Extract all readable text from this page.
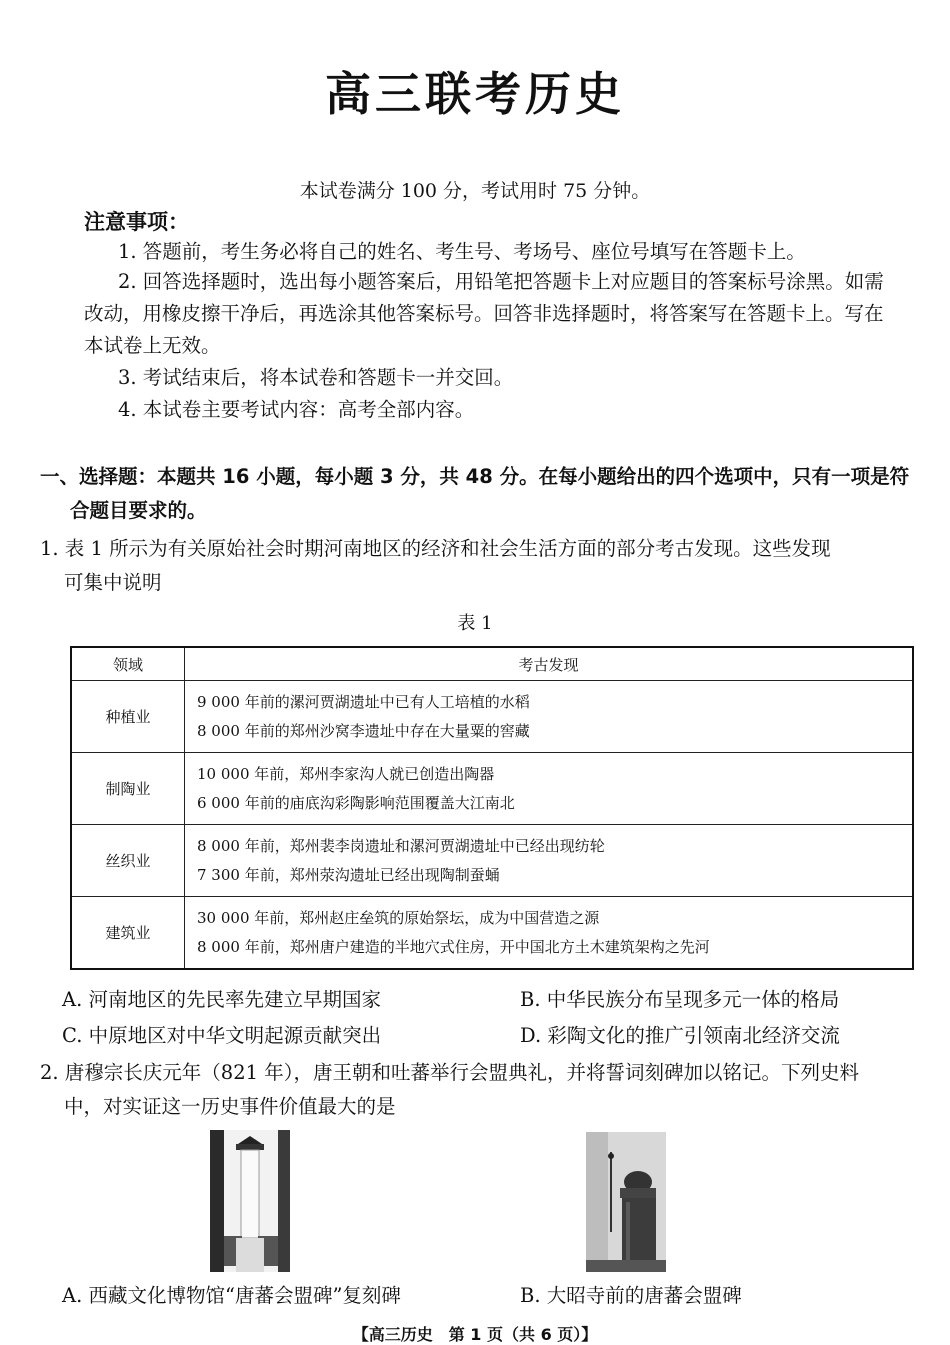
高三联考历史
本试卷满分 100 分，考试用时 75 分钟。
注意事项：
1. 答题前，考生务必将自己的姓名、考生号、考场号、座位号填写在答题卡上。
2. 回答选择题时，选出每小题答案后，用铅笔把答题卡上对应题目的答案标号涂黑。如需改动，用橡皮擦干净后，再选涂其他答案标号。回答非选择题时，将答案写在答题卡上。写在本试卷上无效。
3. 考试结束后，将本试卷和答题卡一并交回。
4. 本试卷主要考试内容：高考全部内容。
一、选择题：本题共 16 小题，每小题 3 分，共 48 分。在每小题给出的四个选项中，只有一项是符
合题目要求的。
1. 表 1 所示为有关原始社会时期河南地区的经济和社会生活方面的部分考古发现。这些发现
可集中说明
表 1
领域	考古发现
种植业	9 000 年前的漯河贾湖遗址中已有人工培植的水稻
8 000 年前的郑州沙窝李遗址中存在大量粟的窖藏

制陶业	10 000 年前，郑州李家沟人就已创造出陶器
6 000 年前的庙底沟彩陶影响范围覆盖大江南北

丝织业	8 000 年前，郑州裴李岗遗址和漯河贾湖遗址中已经出现纺轮
7 300 年前，郑州荥沟遗址已经出现陶制蚕蛹

建筑业	30 000 年前，郑州赵庄垒筑的原始祭坛，成为中国营造之源
8 000 年前，郑州唐户建造的半地穴式住房，开中国北方土木建筑架构之先河
A. 河南地区的先民率先建立早期国家	B. 中华民族分布呈现多元一体的格局
C. 中原地区对中华文明起源贡献突出	D. 彩陶文化的推广引领南北经济交流
2. 唐穆宗长庆元年（821 年），唐王朝和吐蕃举行会盟典礼，并将誓词刻碑加以铭记。下列史料
中，对实证这一历史事件价值最大的是
A. 西藏文化博物馆“唐蕃会盟碑”复刻碑	B. 大昭寺前的唐蕃会盟碑
【高三历史　第 1 页（共 6 页）】
